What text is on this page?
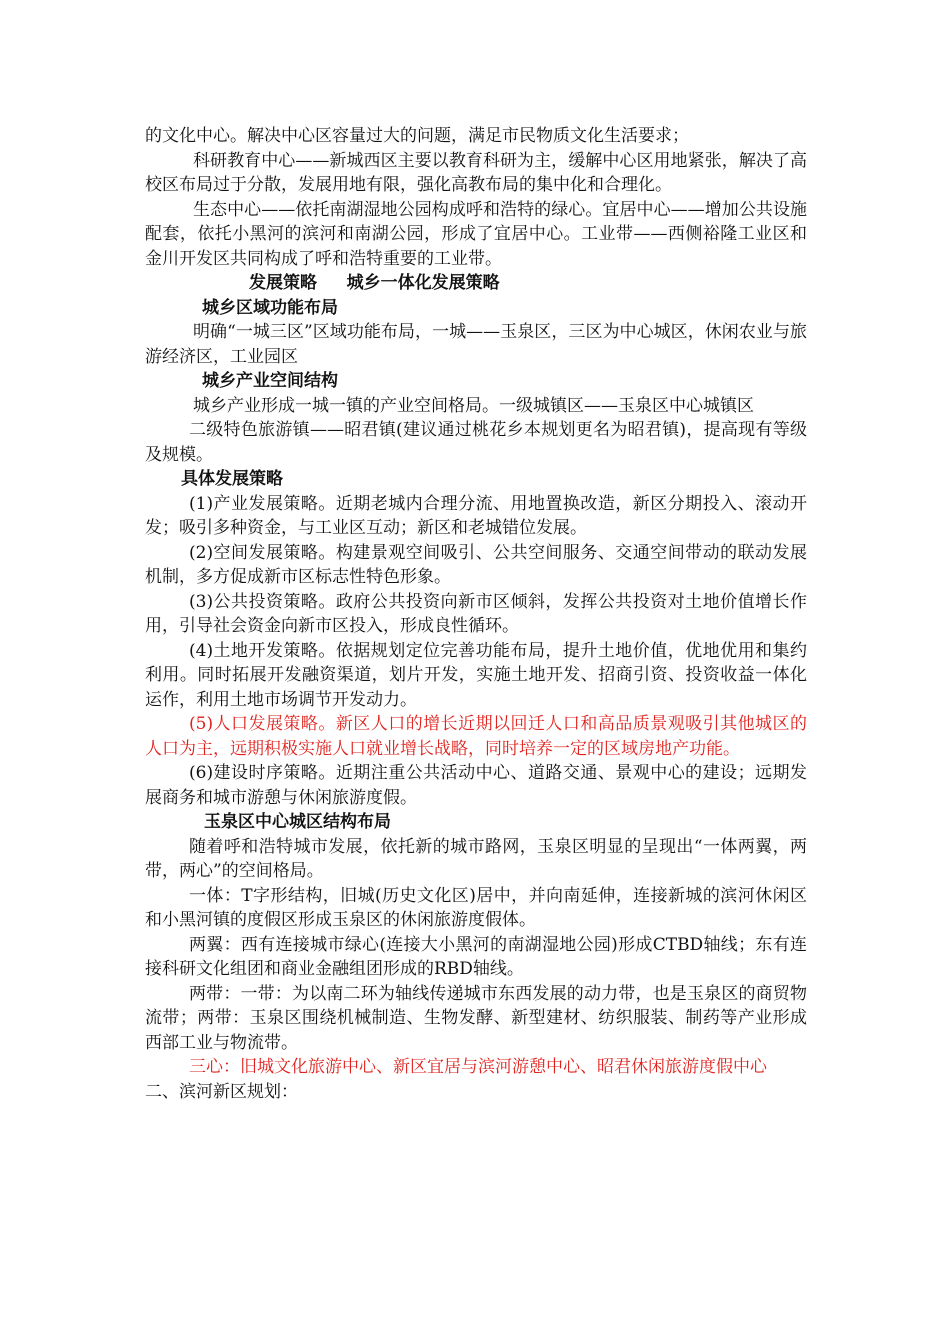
的文化中心。解决中心区容量过大的问题，满足市民物质文化生活要求；

科研教育中心——新城西区主要以教育科研为主，缓解中心区用地紧张，解决了高校区布局过于分散，发展用地有限，强化高教布局的集中化和合理化。

生态中心——依托南湖湿地公园构成呼和浩特的绿心。宜居中心——增加公共设施配套，依托小黑河的滨河和南湖公园，形成了宜居中心。工业带——西侧裕隆工业区和金川开发区共同构成了呼和浩特重要的工业带。

发展策略     城乡一体化发展策略

城乡区域功能布局

明确“一城三区”区域功能布局，一城——玉泉区，三区为中心城区，休闲农业与旅游经济区，工业园区

城乡产业空间结构

城乡产业形成一城一镇的产业空间格局。一级城镇区——玉泉区中心城镇区

二级特色旅游镇——昭君镇(建议通过桃花乡本规划更名为昭君镇)，提高现有等级及规模。

具体发展策略

(1)产业发展策略。近期老城内合理分流、用地置换改造，新区分期投入、滚动开发；吸引多种资金，与工业区互动；新区和老城错位发展。

(2)空间发展策略。构建景观空间吸引、公共空间服务、交通空间带动的联动发展机制，多方促成新市区标志性特色形象。

(3)公共投资策略。政府公共投资向新市区倾斜，发挥公共投资对土地价值增长作用，引导社会资金向新市区投入，形成良性循环。

(4)土地开发策略。依据规划定位完善功能布局，提升土地价值，优地优用和集约利用。同时拓展开发融资渠道，划片开发，实施土地开发、招商引资、投资收益一体化运作，利用土地市场调节开发动力。

(5)人口发展策略。新区人口的增长近期以回迁人口和高品质景观吸引其他城区的人口为主，远期积极实施人口就业增长战略，同时培养一定的区域房地产功能。

(6)建设时序策略。近期注重公共活动中心、道路交通、景观中心的建设；远期发展商务和城市游憩与休闲旅游度假。

玉泉区中心城区结构布局

随着呼和浩特城市发展，依托新的城市路网，玉泉区明显的呈现出“一体两翼，两带，两心”的空间格局。

一体：T字形结构，旧城(历史文化区)居中，并向南延伸，连接新城的滨河休闲区和小黑河镇的度假区形成玉泉区的休闲旅游度假体。

两翼：西有连接城市绿心(连接大小黑河的南湖湿地公园)形成CTBD轴线；东有连接科研文化组团和商业金融组团形成的RBD轴线。

两带：一带：为以南二环为轴线传递城市东西发展的动力带，也是玉泉区的商贸物流带；两带：玉泉区围绕机械制造、生物发酵、新型建材、纺织服装、制药等产业形成西部工业与物流带。

三心：旧城文化旅游中心、新区宜居与滨河游憩中心、昭君休闲旅游度假中心

二、滨河新区规划：
